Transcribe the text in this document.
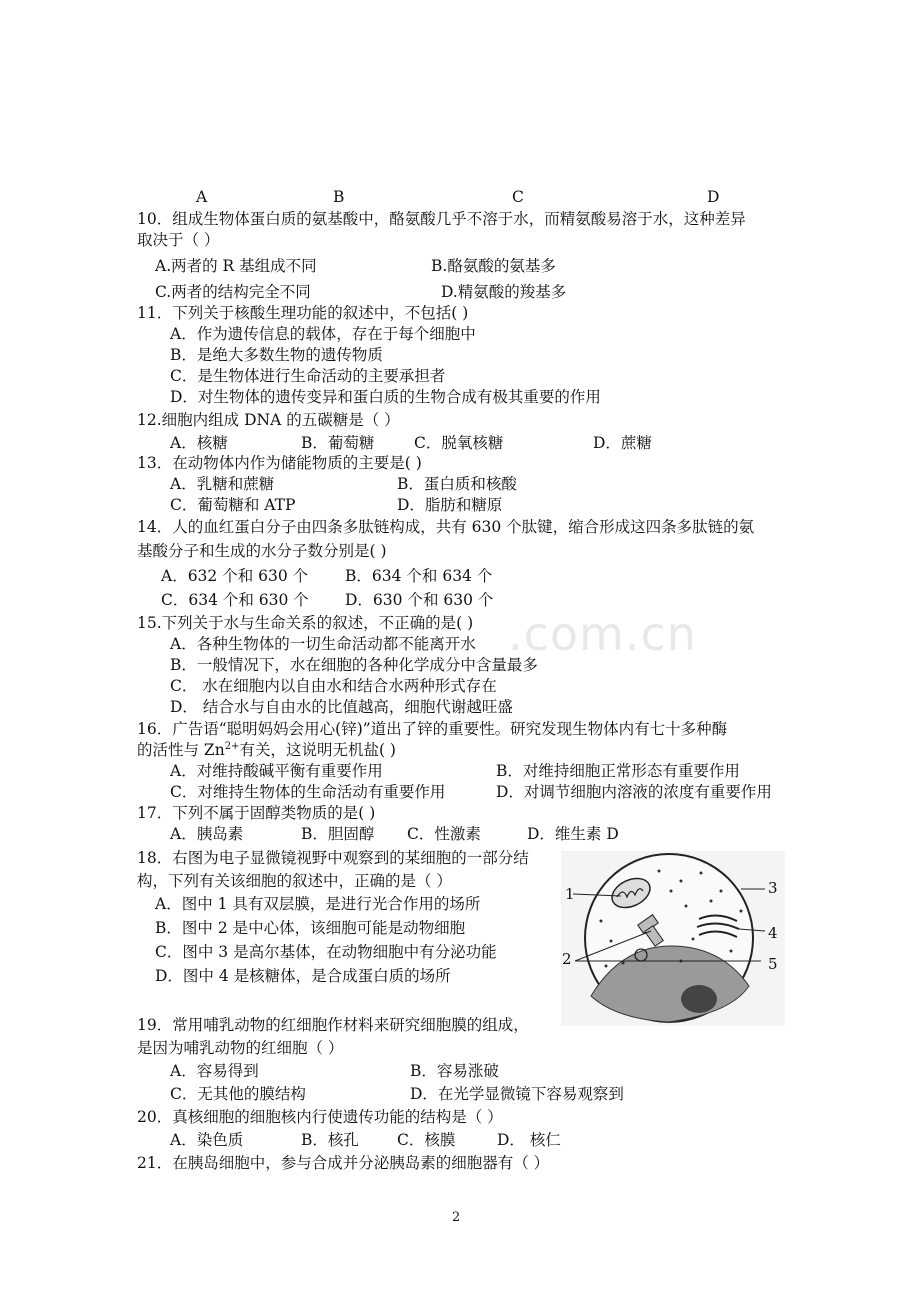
.com.cn
A	B	C	D
10．组成生物体蛋白质的氨基酸中，酪氨酸几乎不溶于水，而精氨酸易溶于水，这种差异
取决于（ ）
A.两者的 R 基组成不同	B.酪氨酸的氨基多
C.两者的结构完全不同	D.精氨酸的羧基多
11．下列关于核酸生理功能的叙述中，不包括( )
A．作为遗传信息的载体，存在于每个细胞中
B．是绝大多数生物的遗传物质
C．是生物体进行生命活动的主要承担者
D．对生物体的遗传变异和蛋白质的生物合成有极其重要的作用
12.细胞内组成 DNA 的五碳糖是（ ）
A．核糖	B．葡萄糖	C．脱氧核糖	D．蔗糖
13．在动物体内作为储能物质的主要是( )
A．乳糖和蔗糖	B．蛋白质和核酸
C．葡萄糖和 ATP	D．脂肪和糖原
14．人的血红蛋白分子由四条多肽链构成，共有 630 个肽键，缩合形成这四条多肽链的氨
基酸分子和生成的水分子数分别是( )
A．632 个和 630 个 B．634 个和 634 个
C．634 个和 630 个 D．630 个和 630 个
15.下列关于水与生命关系的叙述，不正确的是( )
A．各种生物体的一切生命活动都不能离开水
B．一般情况下，水在细胞的各种化学成分中含量最多
C． 水在细胞内以自由水和结合水两种形式存在
D． 结合水与自由水的比值越高，细胞代谢越旺盛
16．广告语“聪明妈妈会用心(锌)”道出了锌的重要性。研究发现生物体内有七十多种酶
的活性与 $Zn^{2+}$有关，这说明无机盐( )
A．对维持酸碱平衡有重要作用	B．对维持细胞正常形态有重要作用
C．对维持生物体的生命活动有重要作用	D．对调节细胞内溶液的浓度有重要作用
17．下列不属于固醇类物质的是( )
A．胰岛素	B．胆固醇 C．性激素	D．维生素 D
18．右图为电子显微镜视野中观察到的某细胞的一部分结
构，下列有关该细胞的叙述中，正确的是（ ）
A．图中 1 具有双层膜，是进行光合作用的场所
B．图中 2 是中心体，该细胞可能是动物细胞
C．图中 3 是高尔基体，在动物细胞中有分泌功能
D．图中 4 是核糖体，是合成蛋白质的场所
1
2
3
4
5
19．常用哺乳动物的红细胞作材料来研究细胞膜的组成，
是因为哺乳动物的红细胞（ ）
A．容易得到	B．容易涨破
C．无其他的膜结构	D．在光学显微镜下容易观察到
20．真核细胞的细胞核内行使遗传功能的结构是（ ）
A．染色质	B．核孔 C．核膜	D． 核仁
21．在胰岛细胞中，参与合成并分泌胰岛素的细胞器有（ ）
2
